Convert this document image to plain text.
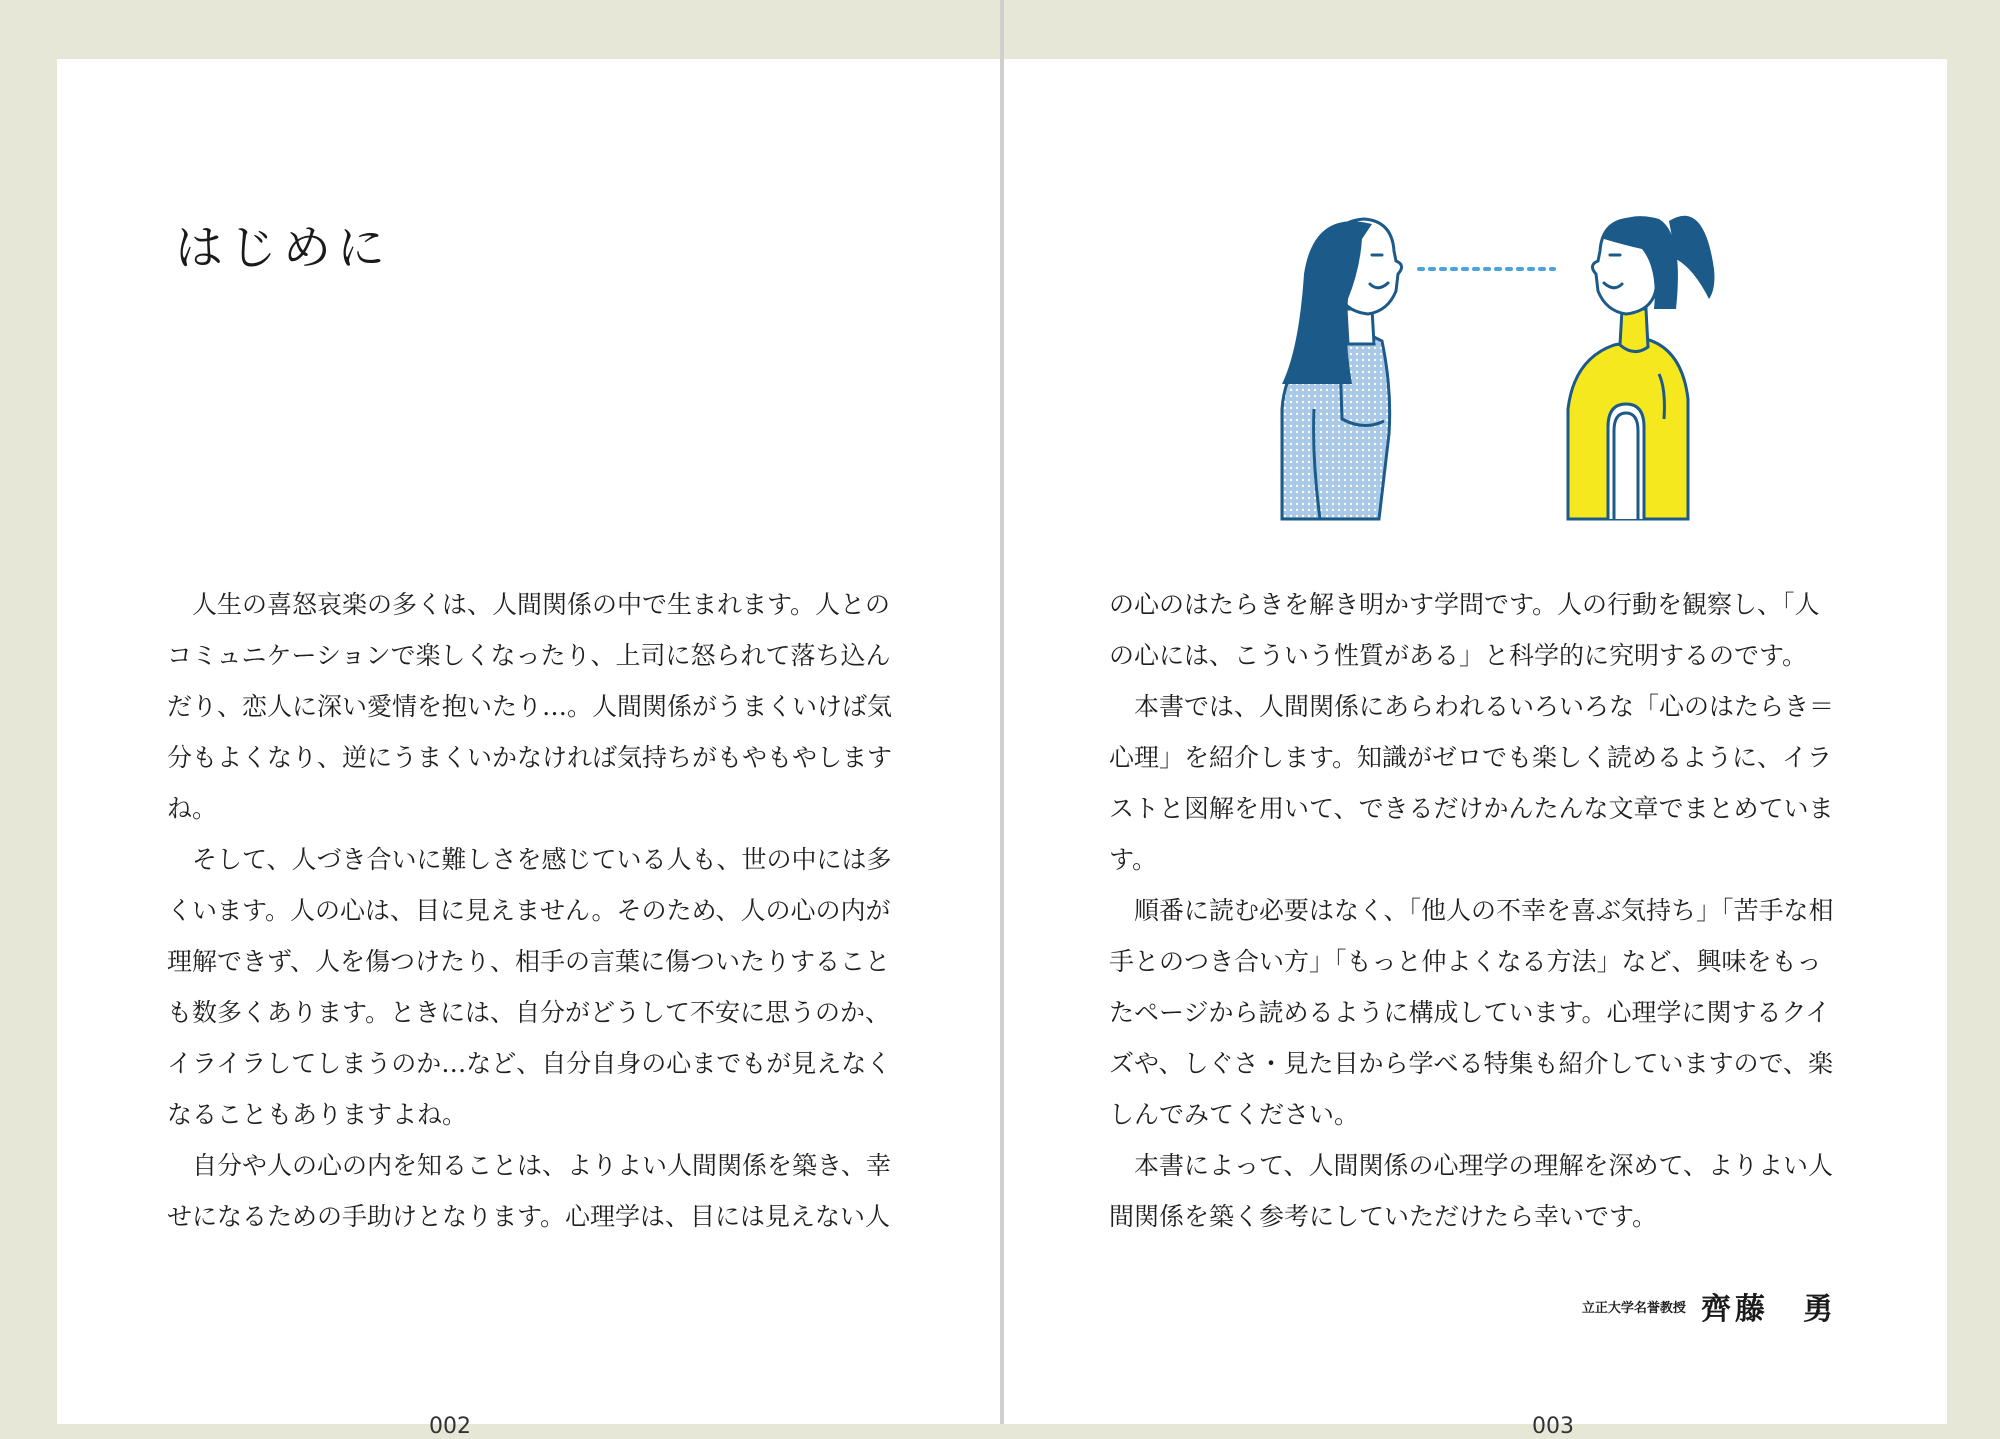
はじめに

人生の喜怒哀楽の多くは、人間関係の中で生まれます。人とのコミュニケーションで楽しくなったり、上司に怒られて落ち込んだり、恋人に深い愛情を抱いたり…。人間関係がうまくいけば気分もよくなり、逆にうまくいかなければ気持ちがもやもやしますね。

そして、人づき合いに難しさを感じている人も、世の中には多くいます。人の心は、目に見えません。そのため、人の心の内が理解できず、人を傷つけたり、相手の言葉に傷ついたりすることも数多くあります。ときには、自分がどうして不安に思うのか、イライラしてしまうのか…など、自分自身の心までもが見えなくなることもありますよね。

自分や人の心の内を知ることは、よりよい人間関係を築き、幸せになるための手助けとなります。心理学は、目には見えない人

002

の心のはたらきを解き明かす学問です。人の行動を観察し、「人の心には、こういう性質がある」と科学的に究明するのです。

本書では、人間関係にあらわれるいろいろな「心のはたらき＝心理」を紹介します。知識がゼロでも楽しく読めるように、イラストと図解を用いて、できるだけかんたんな文章でまとめています。

順番に読む必要はなく、「他人の不幸を喜ぶ気持ち」「苦手な相手とのつき合い方」「もっと仲よくなる方法」など、興味をもったページから読めるように構成しています。心理学に関するクイズや、しぐさ・見た目から学べる特集も紹介していますので、楽しんでみてください。

本書によって、人間関係の心理学の理解を深めて、よりよい人間関係を築く参考にしていただけたら幸いです。

立正大学名誉教授 齊藤　勇
003
